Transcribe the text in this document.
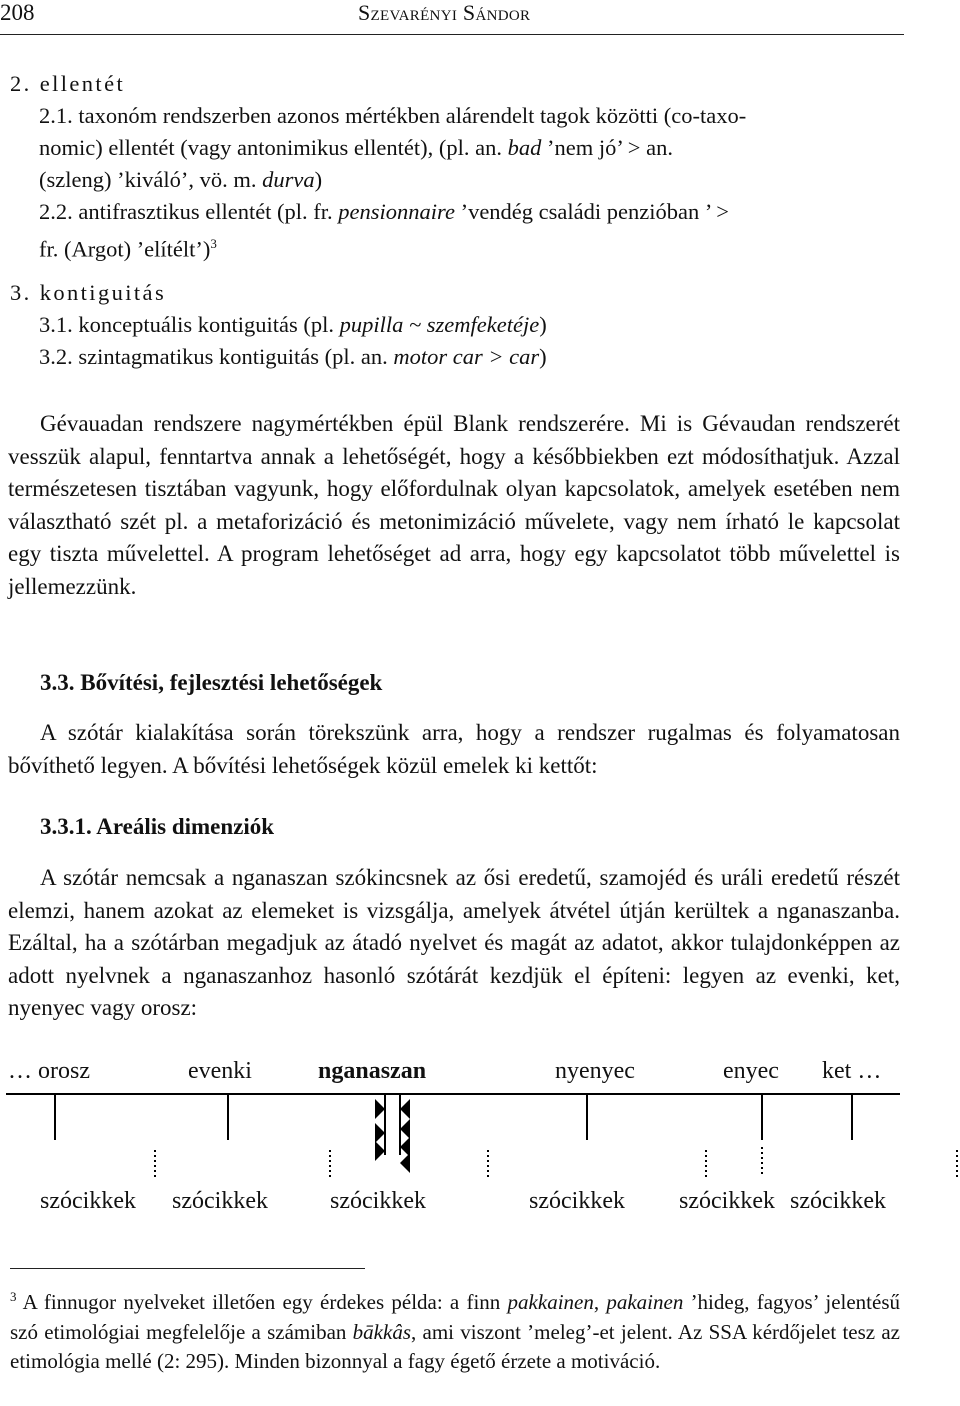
208	Szevarényi Sándor
2. ellentét
2.1. taxonóm rendszerben azonos mértékben alárendelt tagok közötti (co-taxo-
nomic) ellentét (vagy antonimikus ellentét), (pl. an. bad ’nem jó’ > an.
(szleng) ’kiváló’, vö. m. durva)
2.2. antifrasztikus ellentét (pl. fr. pensionnaire ’vendég családi penzióban ’ >
fr. (Argot) ’elítélt’)$^3$
3. kontiguitás
3.1. konceptuális kontiguitás (pl. pupilla ~ szemfeketéje)
3.2. szintagmatikus kontiguitás (pl. an. motor car > car)

Gévauadan rendszere nagymértékben épül Blank rendszerére. Mi is Gévaudan rendszerét vesszük alapul, fenntartva annak a lehetőségét, hogy a későbbiekben ezt módosíthatjuk. Azzal természetesen tisztában vagyunk, hogy előfordulnak olyan kapcsolatok, amelyek esetében nem választható szét pl. a metaforizáció és metonimizáció művelete, vagy nem írható le kapcsolat egy tiszta művelettel. A program lehetőséget ad arra, hogy egy kapcsolatot több művelettel is jellemezzünk.

3.3. Bővítési, fejlesztési lehetőségek

A szótár kialakítása során törekszünk arra, hogy a rendszer rugalmas és folyamatosan bővíthető legyen. A bővítési lehetőségek közül emelek ki kettőt:

3.3.1. Areális dimenziók

A szótár nemcsak a nganaszan szókincsnek az ősi eredetű, szamojéd és uráli eredetű részét elemzi, hanem azokat az elemeket is vizsgálja, amelyek átvétel útján kerültek a nganaszanba. Ezáltal, ha a szótárban megadjuk az átadó nyelvet és magát az adatot, akkor tulajdonképpen az adott nyelvnek a nganaszanhoz hasonló szótárát kezdjük el építeni: legyen az evenki, ket, nyenyec vagy orosz:

… orosz	evenki	nganaszan	nyenyec	enyec ket …
szócikkek szócikkek	szócikkek	szócikkek szócikkek szócikkek
$^3$ A finnugor nyelveket illetően egy érdekes példa: a finn pakkainen, pakainen ’hideg, fagyos’ jelentésű szó etimológiai megfelelője a számiban bākkâs, ami viszont ’meleg’-et jelent. Az SSA kérdőjelet tesz az etimológia mellé (2: 295). Minden bizonnyal a fagy égető érzete a motiváció.
